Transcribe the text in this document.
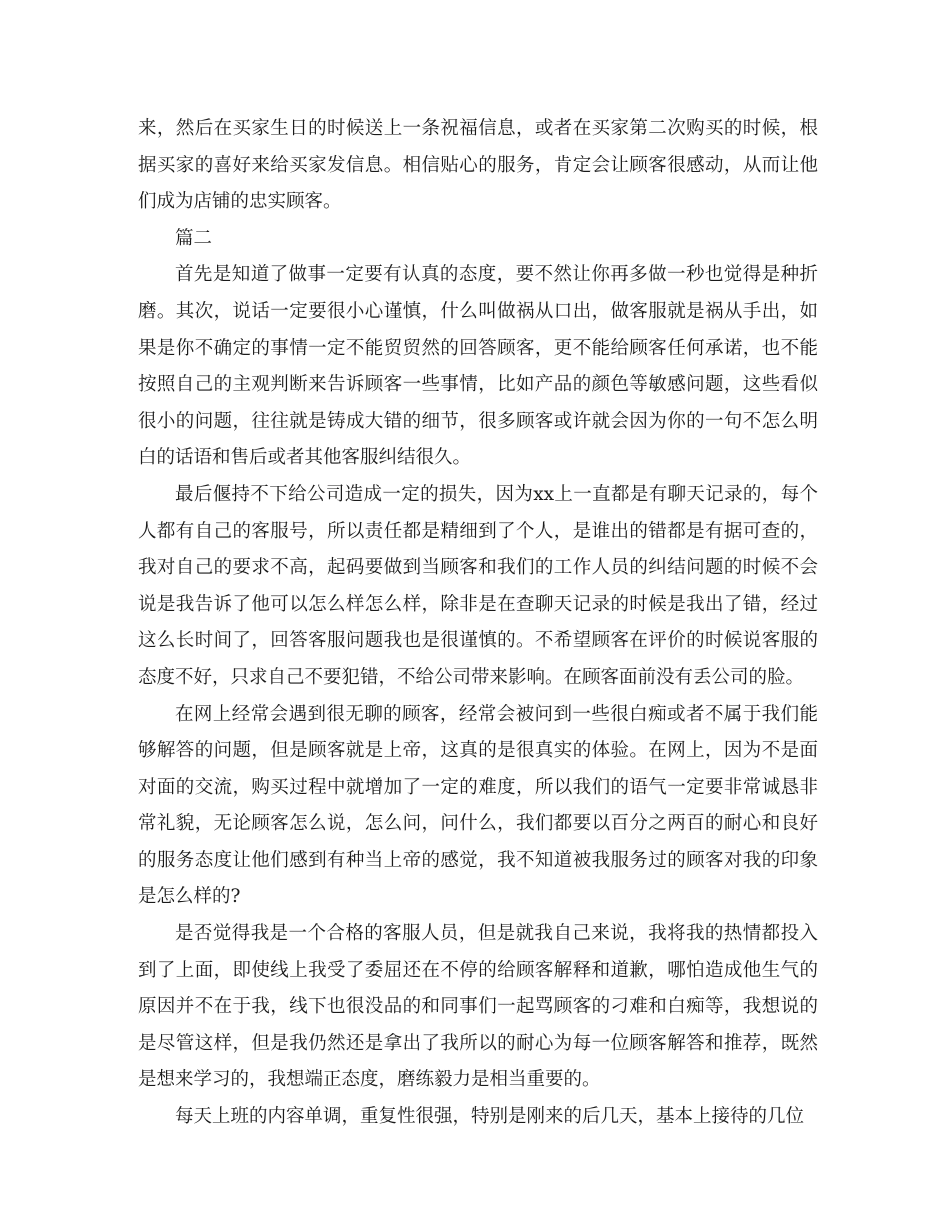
来，然后在买家生日的时候送上一条祝福信息，或者在买家第二次购买的时候，根据买家的喜好来给买家发信息。相信贴心的服务，肯定会让顾客很感动，从而让他们成为店铺的忠实顾客。

篇二

首先是知道了做事一定要有认真的态度，要不然让你再多做一秒也觉得是种折磨。其次，说话一定要很小心谨慎，什么叫做祸从口出，做客服就是祸从手出，如果是你不确定的事情一定不能贸贸然的回答顾客，更不能给顾客任何承诺，也不能按照自己的主观判断来告诉顾客一些事情，比如产品的颜色等敏感问题，这些看似很小的问题，往往就是铸成大错的细节，很多顾客或许就会因为你的一句不怎么明白的话语和售后或者其他客服纠结很久。

最后偃持不下给公司造成一定的损失，因为xx上一直都是有聊天记录的，每个人都有自己的客服号，所以责任都是精细到了个人，是谁出的错都是有据可查的，我对自己的要求不高，起码要做到当顾客和我们的工作人员的纠结问题的时候不会说是我告诉了他可以怎么样怎么样，除非是在查聊天记录的时候是我出了错，经过这么长时间了，回答客服问题我也是很谨慎的。不希望顾客在评价的时候说客服的态度不好，只求自己不要犯错，不给公司带来影响。在顾客面前没有丢公司的脸。

在网上经常会遇到很无聊的顾客，经常会被问到一些很白痴或者不属于我们能够解答的问题，但是顾客就是上帝，这真的是很真实的体验。在网上，因为不是面对面的交流，购买过程中就增加了一定的难度，所以我们的语气一定要非常诚恳非常礼貌，无论顾客怎么说，怎么问，问什么，我们都要以百分之两百的耐心和良好的服务态度让他们感到有种当上帝的感觉，我不知道被我服务过的顾客对我的印象是怎么样的?

是否觉得我是一个合格的客服人员，但是就我自己来说，我将我的热情都投入到了上面，即使线上我受了委屈还在不停的给顾客解释和道歉，哪怕造成他生气的原因并不在于我，线下也很没品的和同事们一起骂顾客的刁难和白痴等，我想说的是尽管这样，但是我仍然还是拿出了我所以的耐心为每一位顾客解答和推荐，既然是想来学习的，我想端正态度，磨练毅力是相当重要的。

每天上班的内容单调，重复性很强，特别是刚来的后几天，基本上接待的几位
